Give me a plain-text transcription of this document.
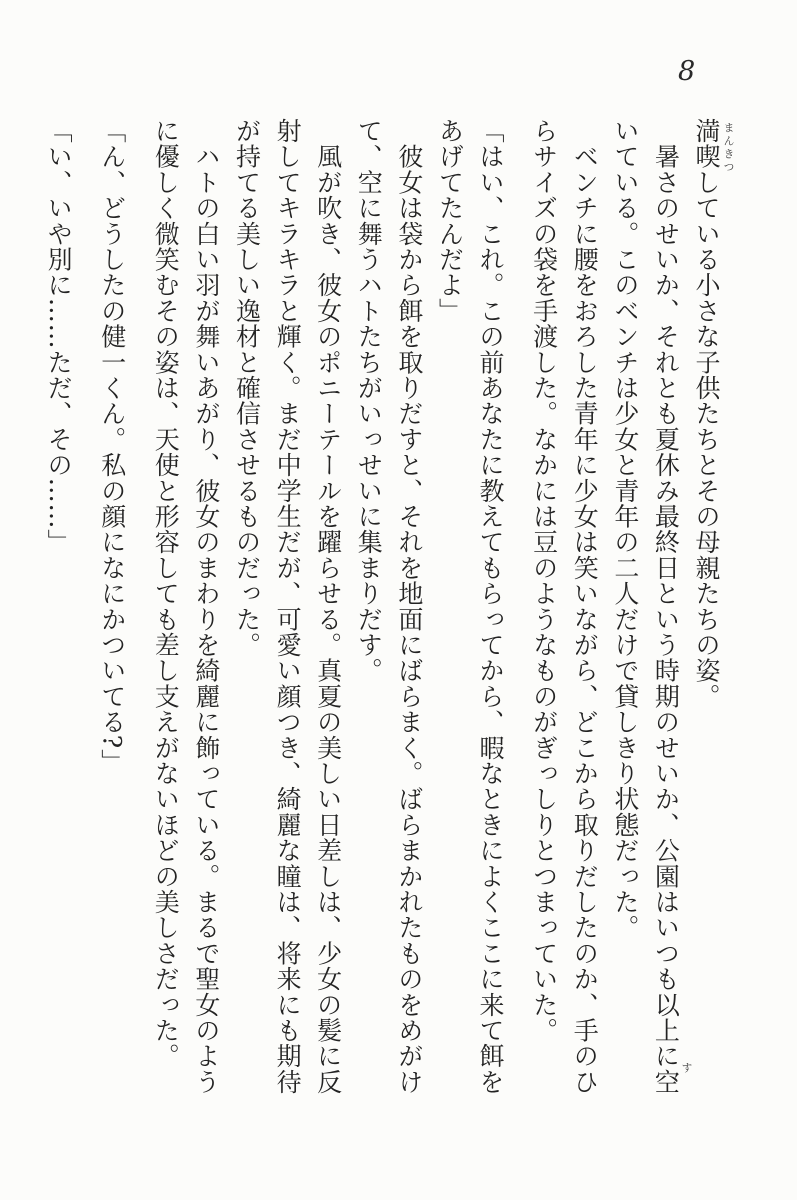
8
まんきつ
す
満喫している小さな子供たちとその母親たちの姿。
　暑さのせいか、それとも夏休み最終日という時期のせいか、公園はいつも以上に空
いている。このベンチは少女と青年の二人だけで貸しきり状態だった。
　ベンチに腰をおろした青年に少女は笑いながら、どこから取りだしたのか、手のひ
らサイズの袋を手渡した。なかには豆のようなものがぎっしりとつまっていた。
「はい、これ。この前あなたに教えてもらってから、暇なときによくここに来て餌を
あげてたんだよ」
　彼女は袋から餌を取りだすと、それを地面にばらまく。ばらまかれたものをめがけ
て、空に舞うハトたちがいっせいに集まりだす。
　風が吹き、彼女のポニーテールを躍らせる。真夏の美しい日差しは、少女の髪に反
射してキラキラと輝く。まだ中学生だが、可愛い顔つき、綺麗な瞳は、将来にも期待
が持てる美しい逸材と確信させるものだった。
　ハトの白い羽が舞いあがり、彼女のまわりを綺麗に飾っている。まるで聖女のよう
に優しく微笑むその姿は、天使と形容しても差し支えがないほどの美しさだった。
「ん、どうしたの健一くん。私の顔になにかついてる?」
「い、いや別に……ただ、その……」
